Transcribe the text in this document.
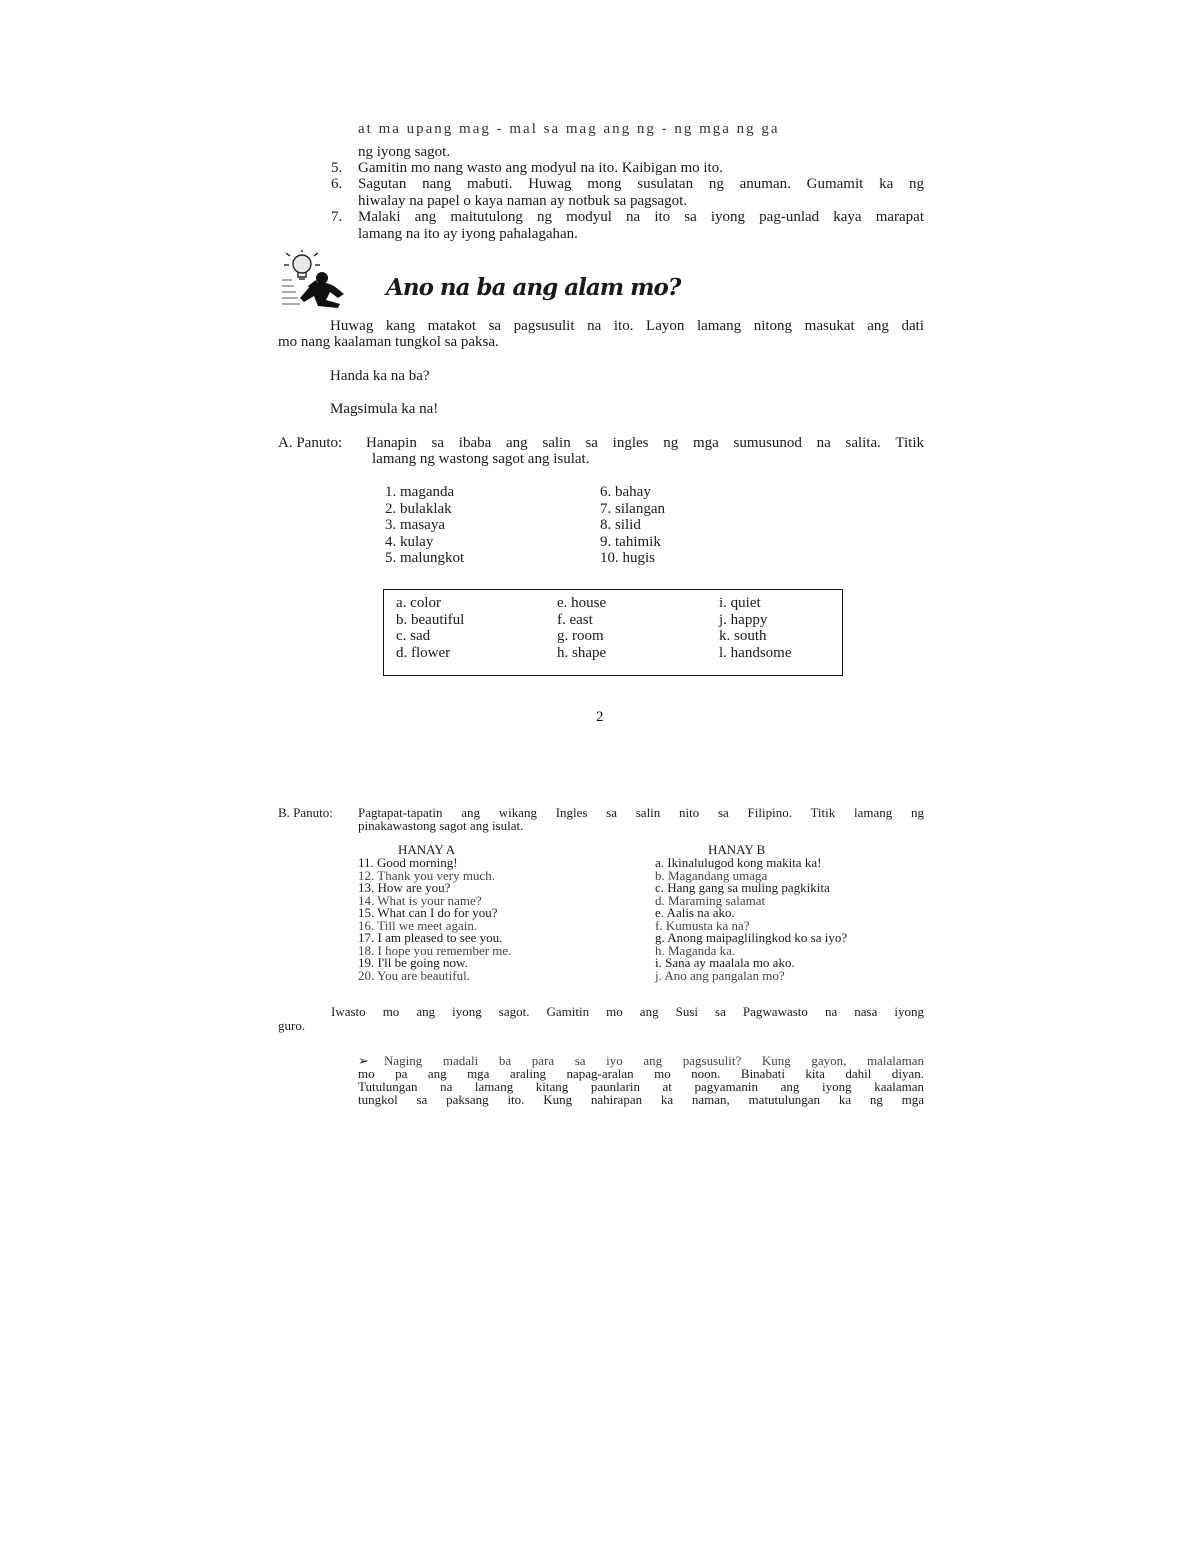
at ma upang mag - mal sa mag ang ng - ng mga ng ga
ng iyong sagot.
5. Gamitin mo nang wasto ang modyul na ito. Kaibigan mo ito.
6. Sagutan nang mabuti. Huwag mong susulatan ng anuman. Gumamit ka ng
hiwalay na papel o kaya naman ay notbuk sa pagsagot.
7. Malaki ang maitutulong ng modyul na ito sa iyong pag-unlad kaya marapat
lamang na ito ay iyong pahalagahan.
Ano na ba ang alam mo?
Huwag kang matakot sa pagsusulit na ito. Layon lamang nitong masukat ang dati
mo nang kaalaman tungkol sa paksa.
Handa ka na ba?
Magsimula ka na!
A. Panuto: Hanapin sa ibaba ang salin sa ingles ng mga sumusunod na salita. Titik
lamang ng wastong sagot ang isulat.
1. maganda
2. bulaklak
3. masaya
4. kulay
5. malungkot
6. bahay
7. silangan
8. silid
9. tahimik
10. hugis
a. color
b. beautiful
c. sad
d. flower
e. house
f. east
g. room
h. shape
i. quiet
j. happy
k. south
l. handsome
2
B. Panuto: Pagtapat-tapatin ang wikang Ingles sa salin nito sa Filipino. Titik lamang ng
pinakawastong sagot ang isulat.
HANAY A	HANAY B
11. Good morning!
12. Thank you very much.
13. How are you?
14. What is your name?
15. What can I do for you?
16. Till we meet again.
17. I am pleased to see you.
18. I hope you remember me.
19. I'll be going now.
20. You are beautiful.
a. Ikinalulugod kong makita ka!
b. Magandang umaga
c. Hang gang sa muling pagkikita
d. Maraming salamat
e. Aalis na ako.
f. Kumusta ka na?
g. Anong maipaglilingkod ko sa iyo?
h. Maganda ka.
i. Sana ay maalala mo ako.
j. Ano ang pangalan mo?
Iwasto mo ang iyong sagot. Gamitin mo ang Susi sa Pagwawasto na nasa iyong
guro.
➢ Naging madali ba para sa iyo ang pagsusulit? Kung gayon, malalaman
mo pa ang mga araling napag-aralan mo noon. Binabati kita dahil diyan.
Tutulungan na lamang kitang paunlarin at pagyamanin ang iyong kaalaman
tungkol sa paksang ito. Kung nahirapan ka naman, matutulungan ka ng mga
